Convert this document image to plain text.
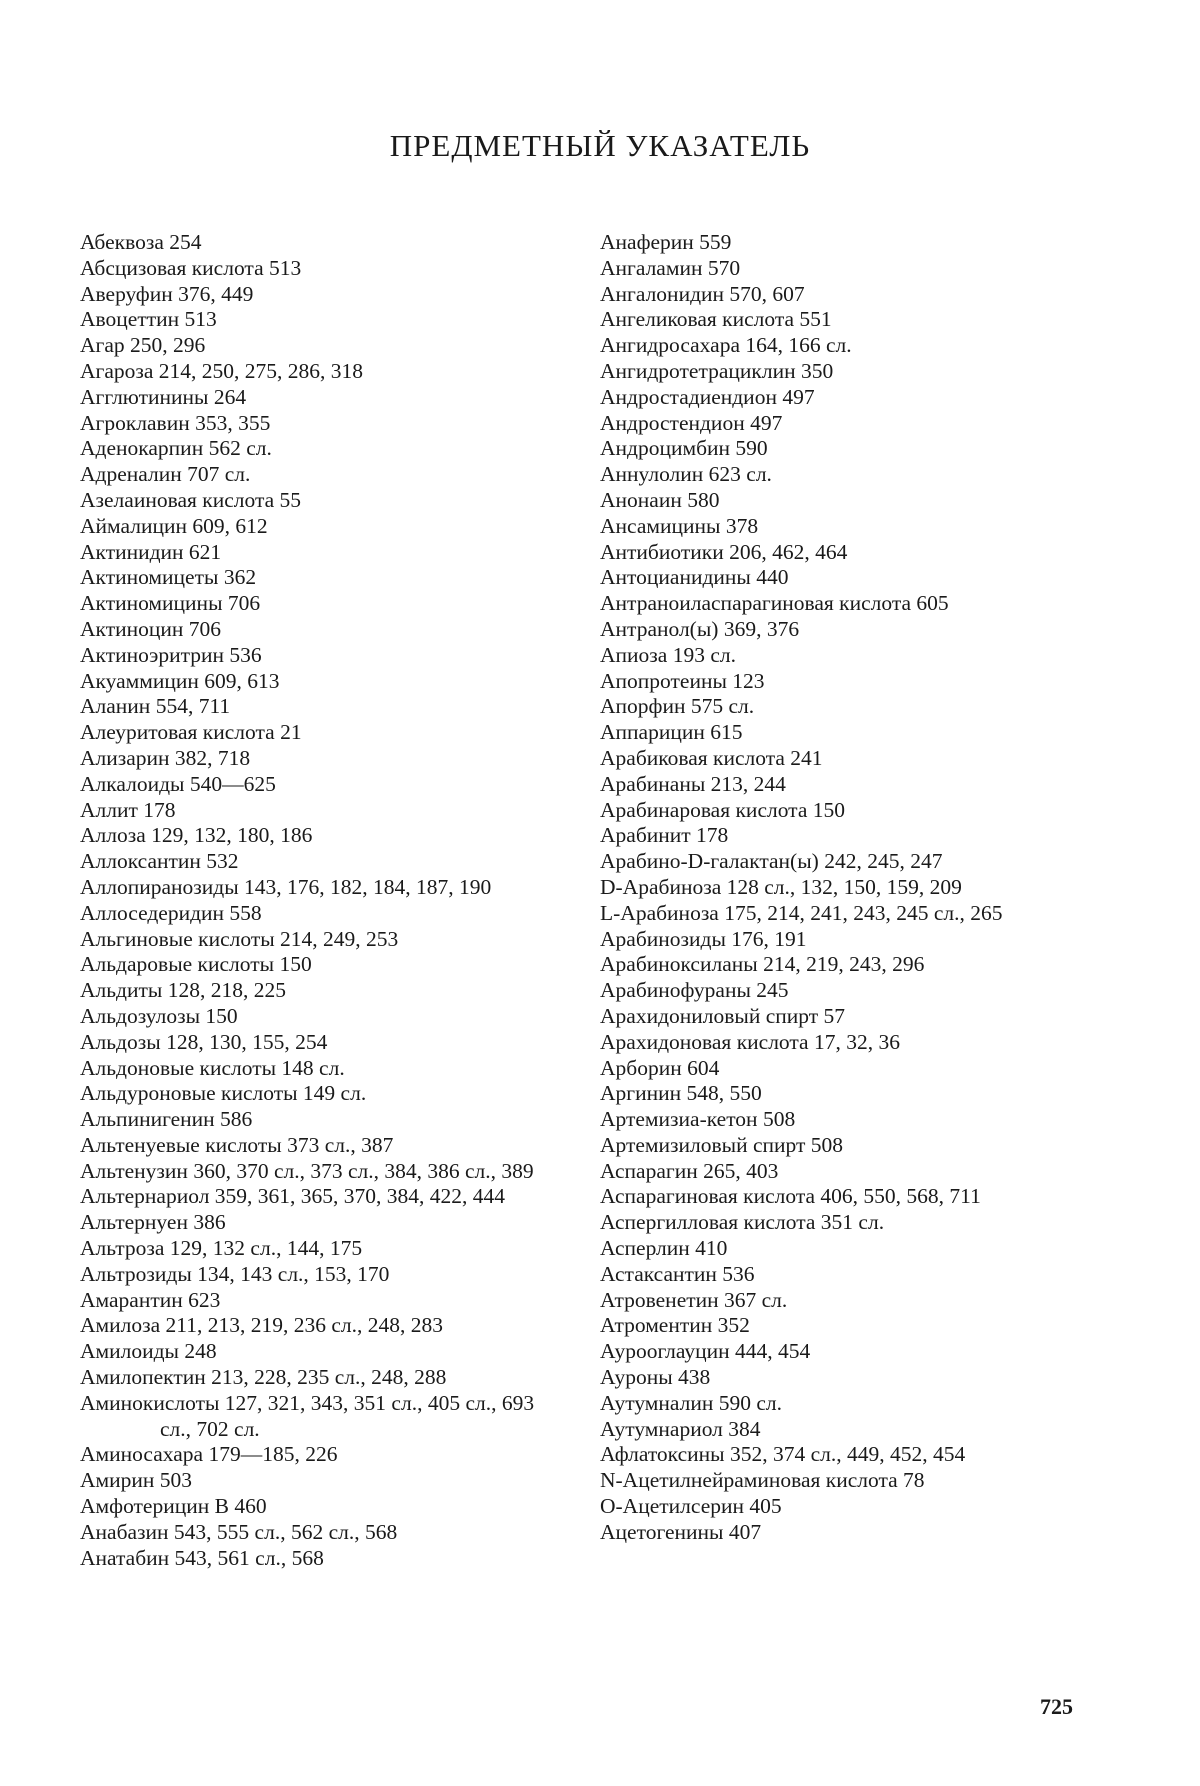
ПРЕДМЕТНЫЙ УКАЗАТЕЛЬ
Абеквоза 254
Абсцизовая кислота 513
Аверуфин 376, 449
Авоцеттин 513
Агар 250, 296
Агароза 214, 250, 275, 286, 318
Агглютинины 264
Агроклавин 353, 355
Аденокарпин 562 сл.
Адреналин 707 сл.
Азелаиновая кислота 55
Аймалицин 609, 612
Актинидин 621
Актиномицеты 362
Актиномицины 706
Актиноцин 706
Актиноэритрин 536
Акуаммицин 609, 613
Аланин 554, 711
Алеуритовая кислота 21
Ализарин 382, 718
Алкалоиды 540—625
Аллит 178
Аллоза 129, 132, 180, 186
Аллоксантин 532
Аллопиранозиды 143, 176, 182, 184, 187, 190
Аллоседеридин 558
Альгиновые кислоты 214, 249, 253
Альдаровые кислоты 150
Альдиты 128, 218, 225
Альдозулозы 150
Альдозы 128, 130, 155, 254
Альдоновые кислоты 148 сл.
Альдуроновые кислоты 149 сл.
Альпинигенин 586
Альтенуевые кислоты 373 сл., 387
Альтенузин 360, 370 сл., 373 сл., 384, 386 сл., 389
Альтернариол 359, 361, 365, 370, 384, 422, 444
Альтернуен 386
Альтроза 129, 132 сл., 144, 175
Альтрозиды 134, 143 сл., 153, 170
Амарантин 623
Амилоза 211, 213, 219, 236 сл., 248, 283
Амилоиды 248
Амилопектин 213, 228, 235 сл., 248, 288
Аминокислоты 127, 321, 343, 351 сл., 405 сл., 693 сл., 702 сл.
Аминосахара 179—185, 226
Амирин 503
Амфотерицин В 460
Анабазин 543, 555 сл., 562 сл., 568
Анатабин 543, 561 сл., 568
Анаферин 559
Ангаламин 570
Ангалонидин 570, 607
Ангеликовая кислота 551
Ангидросахара 164, 166 сл.
Ангидротетрациклин 350
Андростадиендион 497
Андростендион 497
Андроцимбин 590
Аннулолин 623 сл.
Анонаин 580
Ансамицины 378
Антибиотики 206, 462, 464
Антоцианидины 440
Антраноиласпарагиновая кислота 605
Антранол(ы) 369, 376
Апиоза 193 сл.
Апопротеины 123
Апорфин 575 сл.
Аппарицин 615
Арабиковая кислота 241
Арабинаны 213, 244
Арабинаровая кислота 150
Арабинит 178
Арабино-D-галактан(ы) 242, 245, 247
D-Арабиноза 128 сл., 132, 150, 159, 209
L-Арабиноза 175, 214, 241, 243, 245 сл., 265
Арабинозиды 176, 191
Арабиноксиланы 214, 219, 243, 296
Арабинофураны 245
Арахидониловый спирт 57
Арахидоновая кислота 17, 32, 36
Арборин 604
Аргинин 548, 550
Артемизиа-кетон 508
Артемизиловый спирт 508
Аспарагин 265, 403
Аспарагиновая кислота 406, 550, 568, 711
Аспергилловая кислота 351 сл.
Асперлин 410
Астаксантин 536
Атровенетин 367 сл.
Атроментин 352
Аурооглауцин 444, 454
Ауроны 438
Аутумналин 590 сл.
Аутумнариол 384
Афлатоксины 352, 374 сл., 449, 452, 454
N-Ацетилнейраминовая кислота 78
O-Ацетилсерин 405
Ацетогенины 407
725
